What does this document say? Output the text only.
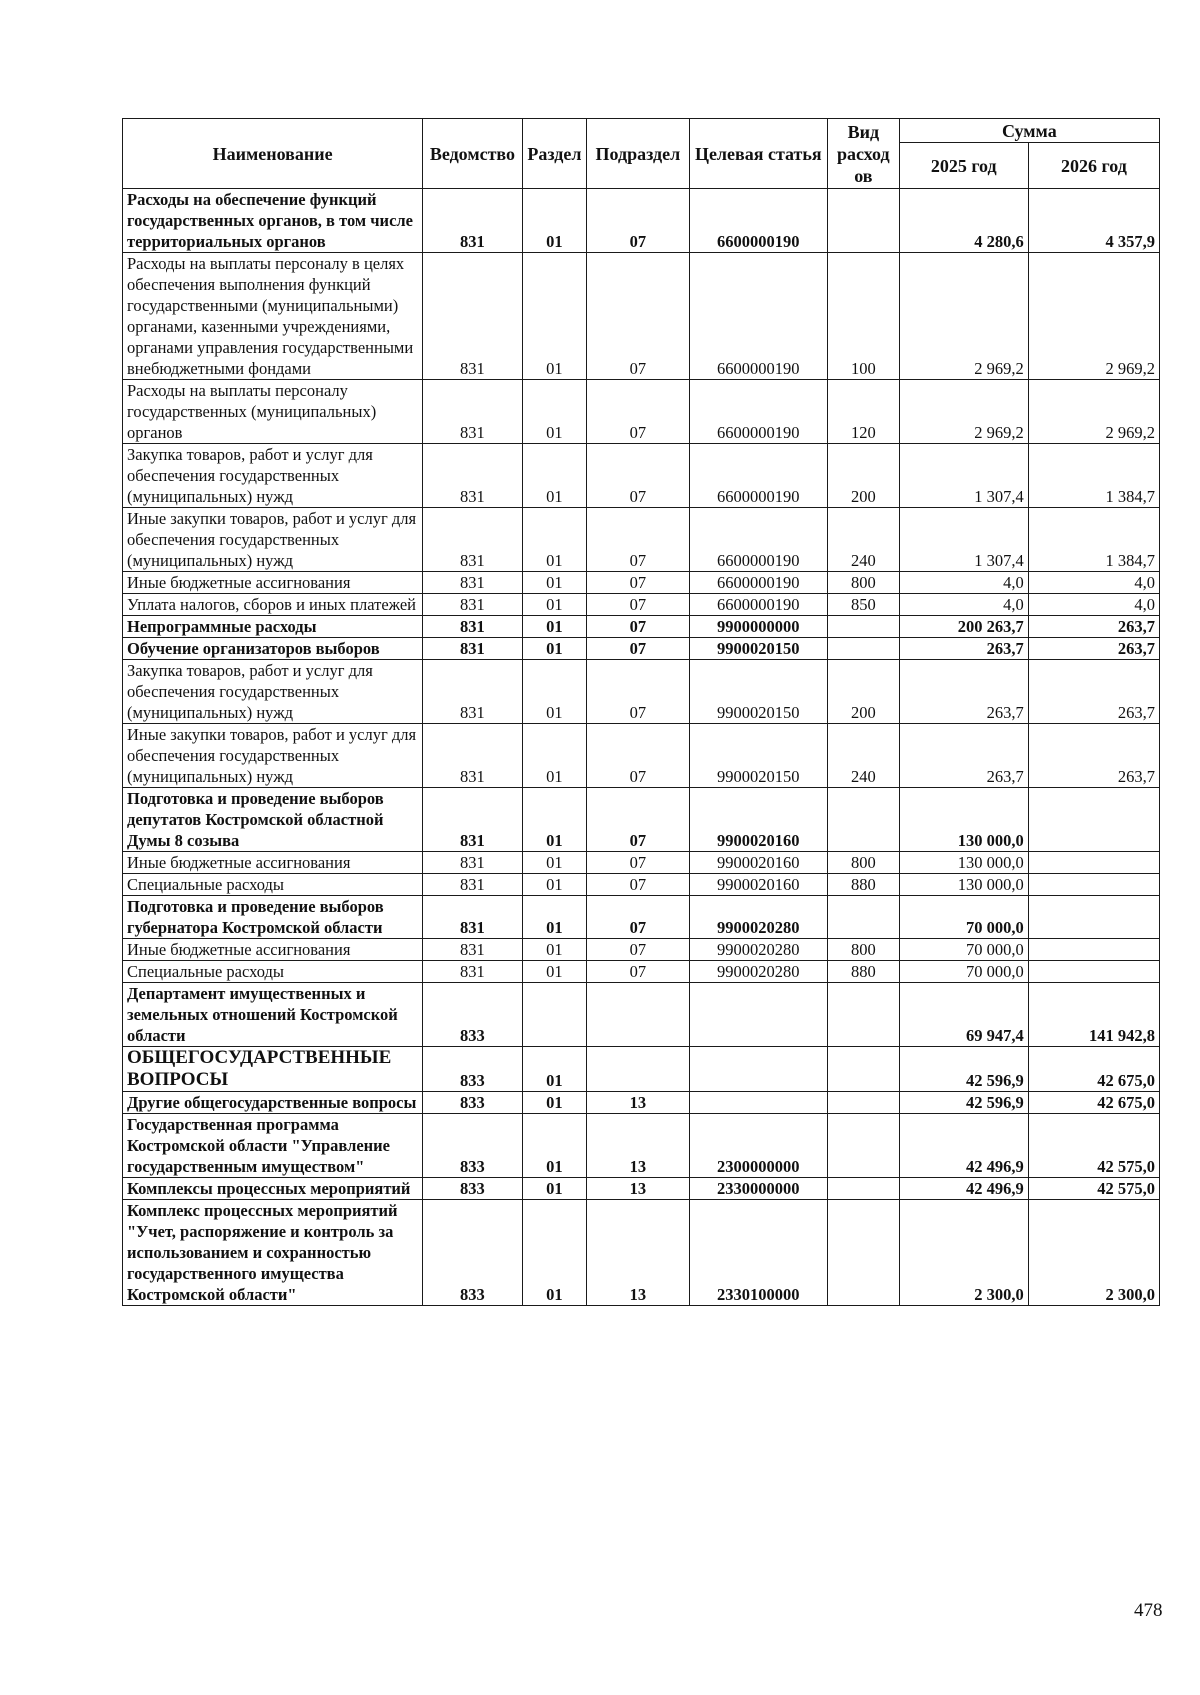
Наименование	Ведомство	Раздел	Подраздел	Целевая статья	Вид расход ов	Сумма	
						2025 год	2026 год
Расходы на обеспечение функций государственных органов, в том числе территориальных органов	831	01	07	6600000190		4 280,6	4 357,9
Расходы на выплаты персоналу в целях обеспечения выполнения функций государственными (муниципальными) органами, казенными учреждениями, органами управления государственными внебюджетными фондами	831	01	07	6600000190	100	2 969,2	2 969,2
Расходы на выплаты персоналу государственных (муниципальных) органов	831	01	07	6600000190	120	2 969,2	2 969,2
Закупка товаров, работ и услуг для обеспечения государственных (муниципальных) нужд	831	01	07	6600000190	200	1 307,4	1 384,7
Иные закупки товаров, работ и услуг для обеспечения государственных (муниципальных) нужд	831	01	07	6600000190	240	1 307,4	1 384,7
Иные бюджетные ассигнования	831	01	07	6600000190	800	4,0	4,0
Уплата налогов, сборов и иных платежей	831	01	07	6600000190	850	4,0	4,0
Непрограммные расходы	831	01	07	9900000000		200 263,7	263,7
Обучение организаторов выборов	831	01	07	9900020150		263,7	263,7
Закупка товаров, работ и услуг для обеспечения государственных (муниципальных) нужд	831	01	07	9900020150	200	263,7	263,7
Иные закупки товаров, работ и услуг для обеспечения государственных (муниципальных) нужд	831	01	07	9900020150	240	263,7	263,7
Подготовка и проведение выборов депутатов Костромской областной Думы 8 созыва	831	01	07	9900020160		130 000,0	
Иные бюджетные ассигнования	831	01	07	9900020160	800	130 000,0	
Специальные расходы	831	01	07	9900020160	880	130 000,0	
Подготовка и проведение выборов губернатора Костромской области	831	01	07	9900020280		70 000,0	
Иные бюджетные ассигнования	831	01	07	9900020280	800	70 000,0	
Специальные расходы	831	01	07	9900020280	880	70 000,0	
Департамент имущественных и земельных отношений Костромской области	833					69 947,4	141 942,8
ОБЩЕГОСУДАРСТВЕННЫЕ ВОПРОСЫ	833	01				42 596,9	42 675,0
Другие общегосударственные вопросы	833	01	13			42 596,9	42 675,0
Государственная программа Костромской области "Управление государственным имуществом"	833	01	13	2300000000		42 496,9	42 575,0
Комплексы процессных мероприятий	833	01	13	2330000000		42 496,9	42 575,0
Комплекс процессных мероприятий "Учет, распоряжение и контроль за использованием и сохранностью государственного имущества Костромской области"	833	01	13	2330100000		2 300,0	2 300,0
478
